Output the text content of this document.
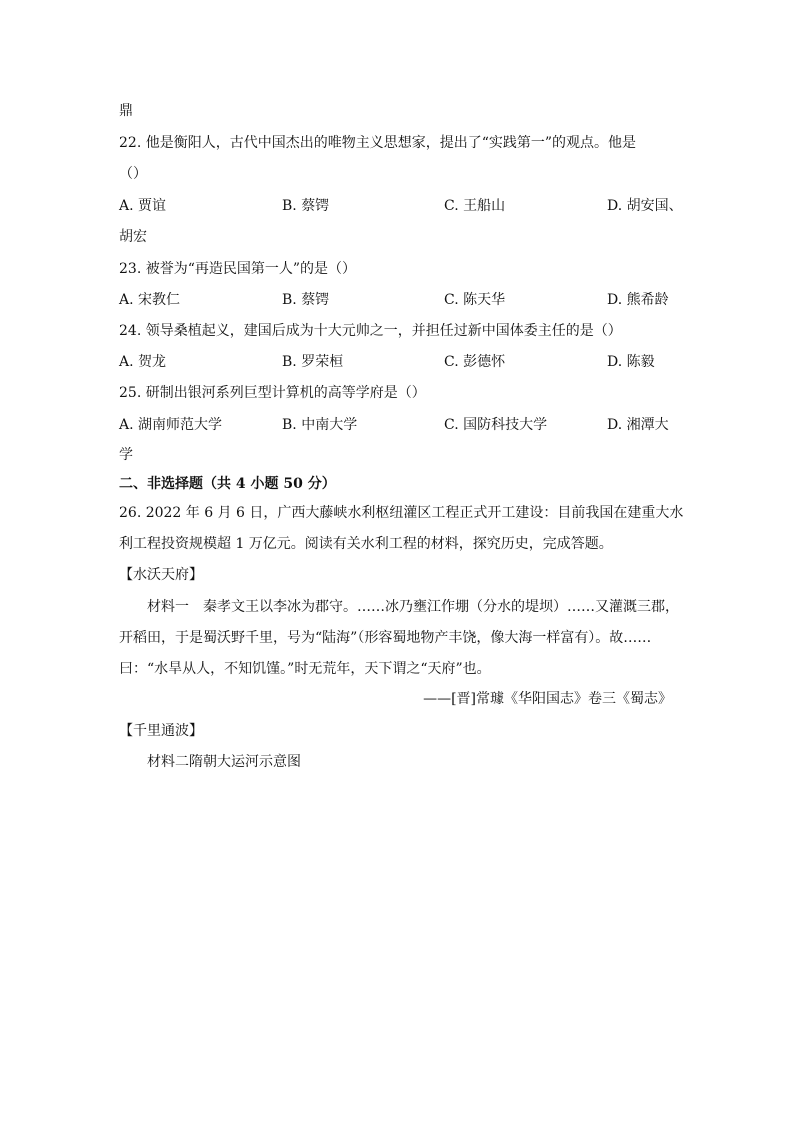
鼎
22. 他是衡阳人，古代中国杰出的唯物主义思想家，提出了“实践第一”的观点。他是
（）
A. 贾谊	B. 蔡锷	C. 王船山	D. 胡安国、
胡宏
23. 被誉为“再造民国第一人”的是（）
A. 宋教仁	B. 蔡锷	C. 陈天华	D. 熊希龄
24. 领导桑植起义，建国后成为十大元帅之一，并担任过新中国体委主任的是（）
A. 贺龙	B. 罗荣桓	C. 彭德怀	D. 陈毅
25. 研制出银河系列巨型计算机的高等学府是（）
A. 湖南师范大学	B. 中南大学	C. 国防科技大学	D. 湘潭大
学
二、非选择题（共 4 小题 50 分）
26. 2022 年 6 月 6 日，广西大藤峡水利枢纽灌区工程正式开工建设：目前我国在建重大水
利工程投资规模超 1 万亿元。阅读有关水利工程的材料，探究历史，完成答题。
【水沃天府】
材料一　秦孝文王以李冰为郡守。……冰乃壅江作堋（分水的堤坝）……又灌溉三郡，
开稻田，于是蜀沃野千里，号为“陆海”（形容蜀地物产丰饶，像大海一样富有）。故……
曰：“水旱从人，不知饥馑。”时无荒年，天下谓之“天府”也。
——[晋]常璩《华阳国志》卷三《蜀志》
【千里通波】
材料二隋朝大运河示意图
